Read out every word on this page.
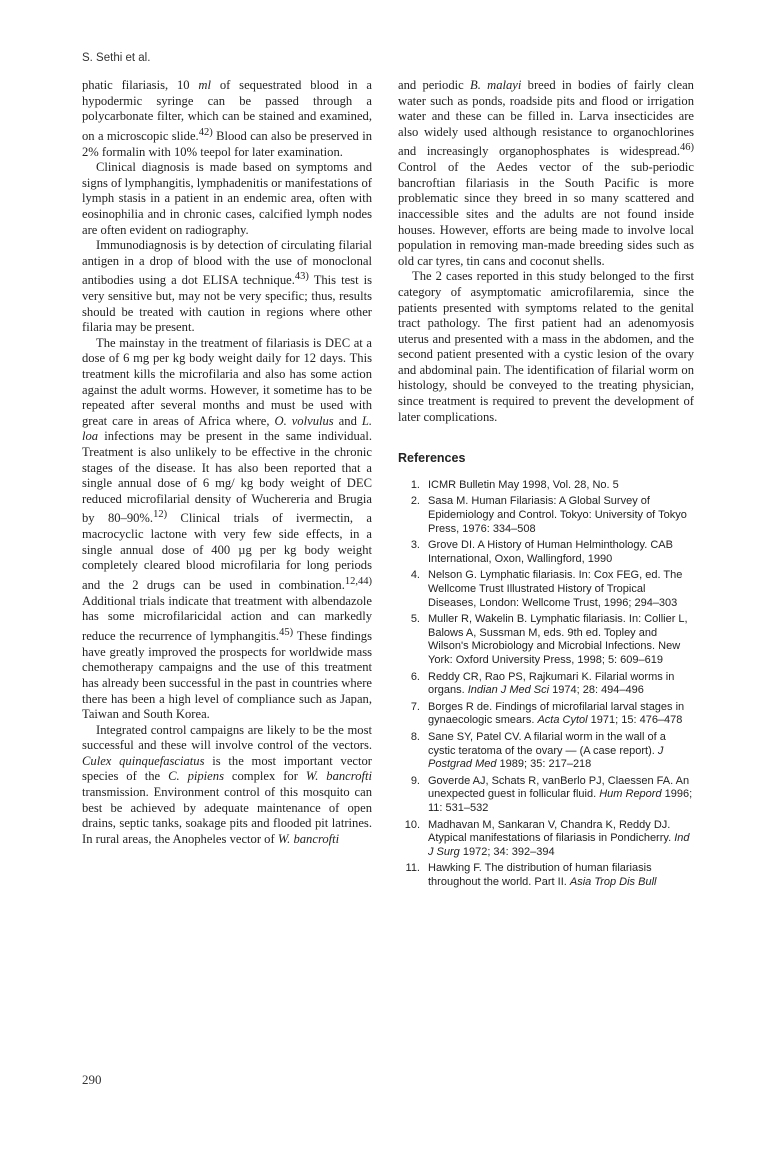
S. Sethi et al.

phatic filariasis, 10 ml of sequestrated blood in a hypodermic syringe can be passed through a polycarbonate filter, which can be stained and examined, on a microscopic slide.$^{42)}$ Blood can also be preserved in 2% formalin with 10% teepol for later examination.

Clinical diagnosis is made based on symptoms and signs of lymphangitis, lymphadenitis or manifestations of lymph stasis in a patient in an endemic area, often with eosinophilia and in chronic cases, calcified lymph nodes are often evident on radiography.

Immunodiagnosis is by detection of circulating filarial antigen in a drop of blood with the use of monoclonal antibodies using a dot ELISA technique.$^{43)}$ This test is very sensitive but, may not be very specific; thus, results should be treated with caution in regions where other filaria may be present.

The mainstay in the treatment of filariasis is DEC at a dose of 6 mg per kg body weight daily for 12 days. This treatment kills the microfilaria and also has some action against the adult worms. However, it sometime has to be repeated after several months and must be used with great care in areas of Africa where, O. volvulus and L. loa infections may be present in the same individual. Treatment is also unlikely to be effective in the chronic stages of the disease. It has also been reported that a single annual dose of 6 mg/ kg body weight of DEC reduced microfilarial density of Wuchereria and Brugia by 80–90%.$^{12)}$ Clinical trials of ivermectin, a macrocyclic lactone with very few side effects, in a single annual dose of 400 µg per kg body weight completely cleared blood microfilaria for long periods and the 2 drugs can be used in combination.$^{12,44)}$ Additional trials indicate that treatment with albendazole has some microfilaricidal action and can markedly reduce the recurrence of lymphangitis.$^{45)}$ These findings have greatly improved the prospects for worldwide mass chemotherapy campaigns and the use of this treatment has already been successful in the past in countries where there has been a high level of compliance such as Japan, Taiwan and South Korea.

Integrated control campaigns are likely to be the most successful and these will involve control of the vectors. Culex quinquefasciatus is the most important vector species of the C. pipiens complex for W. bancrofti transmission. Environment control of this mosquito can best be achieved by adequate maintenance of open drains, septic tanks, soakage pits and flooded pit latrines. In rural areas, the Anopheles vector of W. bancrofti

and periodic B. malayi breed in bodies of fairly clean water such as ponds, roadside pits and flood or irrigation water and these can be filled in. Larva insecticides are also widely used although resistance to organochlorines and increasingly organophosphates is widespread.$^{46)}$ Control of the Aedes vector of the sub-periodic bancroftian filariasis in the South Pacific is more problematic since they breed in so many scattered and inaccessible sites and the adults are not found inside houses. However, efforts are being made to involve local population in removing man-made breeding sides such as old car tyres, tin cans and coconut shells.

The 2 cases reported in this study belonged to the first category of asymptomatic amicrofilaremia, since the patients presented with symptoms related to the genital tract pathology. The first patient had an adenomyosis uterus and presented with a mass in the abdomen, and the second patient presented with a cystic lesion of the ovary and abdominal pain. The identification of filarial worm on histology, should be conveyed to the treating physician, since treatment is required to prevent the development of later complications.

References
1. ICMR Bulletin May 1998, Vol. 28, No. 5
2. Sasa M. Human Filariasis: A Global Survey of Epidemiology and Control. Tokyo: University of Tokyo Press, 1976: 334–508
3. Grove DI. A History of Human Helminthology. CAB International, Oxon, Wallingford, 1990
4. Nelson G. Lymphatic filariasis. In: Cox FEG, ed. The Wellcome Trust Illustrated History of Tropical Diseases, London: Wellcome Trust, 1996; 294–303
5. Muller R, Wakelin B. Lymphatic filariasis. In: Collier L, Balows A, Sussman M, eds. 9th ed. Topley and Wilson's Microbiology and Microbial Infections. New York: Oxford University Press, 1998; 5: 609–619
6. Reddy CR, Rao PS, Rajkumari K. Filarial worms in organs. Indian J Med Sci 1974; 28: 494–496
7. Borges R de. Findings of microfilarial larval stages in gynaecologic smears. Acta Cytol 1971; 15: 476–478
8. Sane SY, Patel CV. A filarial worm in the wall of a cystic teratoma of the ovary — (A case report). J Postgrad Med 1989; 35: 217–218
9. Goverde AJ, Schats R, vanBerlo PJ, Claessen FA. An unexpected guest in follicular fluid. Hum Repord 1996; 11: 531–532
10. Madhavan M, Sankaran V, Chandra K, Reddy DJ. Atypical manifestations of filariasis in Pondicherry. Ind J Surg 1972; 34: 392–394
11. Hawking F. The distribution of human filariasis throughout the world. Part II. Asia Trop Dis Bull
290
